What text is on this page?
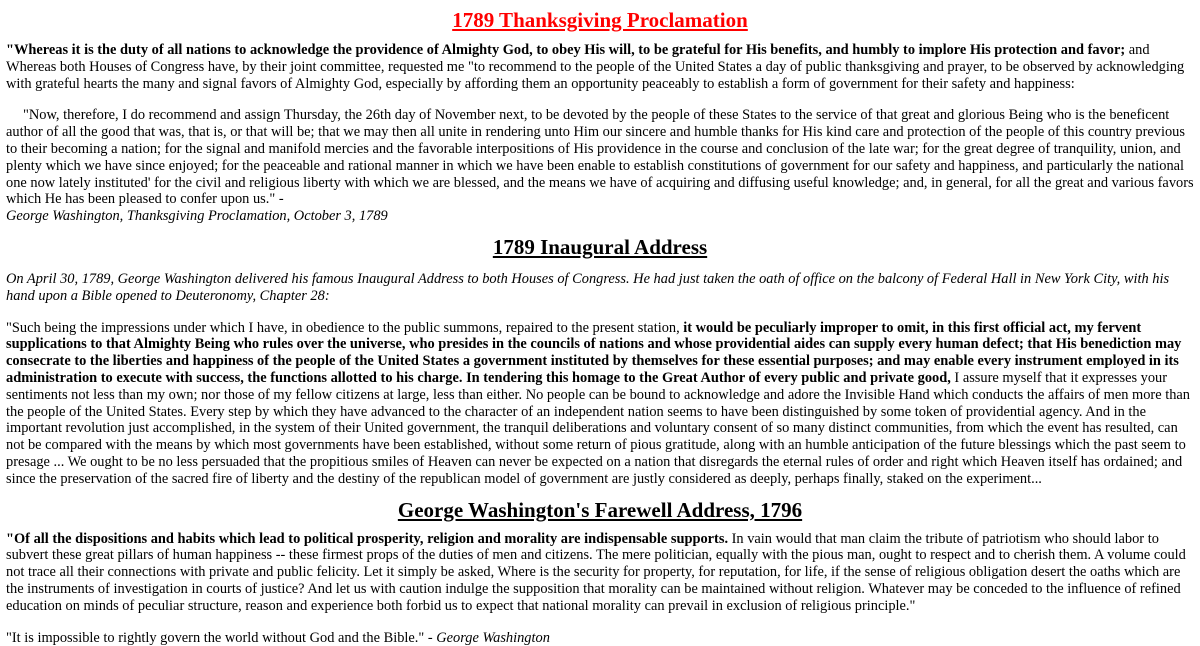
1789 Thanksgiving Proclamation

"Whereas it is the duty of all nations to acknowledge the providence of Almighty God, to obey His will, to be grateful for His benefits, and humbly to implore His protection and favor; and Whereas both Houses of Congress have, by their joint committee, requested me "to recommend to the people of the United States a day of public thanksgiving and prayer, to be observed by acknowledging with grateful hearts the many and signal favors of Almighty God, especially by affording them an opportunity peaceably to establish a form of government for their safety and happiness:

"Now, therefore, I do recommend and assign Thursday, the 26th day of November next, to be devoted by the people of these States to the service of that great and glorious Being who is the beneficent author of all the good that was, that is, or that will be; that we may then all unite in rendering unto Him our sincere and humble thanks for His kind care and protection of the people of this country previous to their becoming a nation; for the signal and manifold mercies and the favorable interpositions of His providence in the course and conclusion of the late war; for the great degree of tranquility, union, and plenty which we have since enjoyed; for the peaceable and rational manner in which we have been enable to establish constitutions of government for our safety and happiness, and particularly the national one now lately instituted' for the civil and religious liberty with which we are blessed, and the means we have of acquiring and diffusing useful knowledge; and, in general, for all the great and various favors which He has been pleased to confer upon us." -
George Washington, Thanksgiving Proclamation, October 3, 1789

1789 Inaugural Address

On April 30, 1789, George Washington delivered his famous Inaugural Address to both Houses of Congress. He had just taken the oath of office on the balcony of Federal Hall in New York City, with his hand upon a Bible opened to Deuteronomy, Chapter 28:

"Such being the impressions under which I have, in obedience to the public summons, repaired to the present station, it would be peculiarly improper to omit, in this first official act, my fervent supplications to that Almighty Being who rules over the universe, who presides in the councils of nations and whose providential aides can supply every human defect; that His benediction may consecrate to the liberties and happiness of the people of the United States a government instituted by themselves for these essential purposes; and may enable every instrument employed in its administration to execute with success, the functions allotted to his charge. In tendering this homage to the Great Author of every public and private good, I assure myself that it expresses your sentiments not less than my own; nor those of my fellow citizens at large, less than either. No people can be bound to acknowledge and adore the Invisible Hand which conducts the affairs of men more than the people of the United States. Every step by which they have advanced to the character of an independent nation seems to have been distinguished by some token of providential agency. And in the important revolution just accomplished, in the system of their United government, the tranquil deliberations and voluntary consent of so many distinct communities, from which the event has resulted, can not be compared with the means by which most governments have been established, without some return of pious gratitude, along with an humble anticipation of the future blessings which the past seem to presage ... We ought to be no less persuaded that the propitious smiles of Heaven can never be expected on a nation that disregards the eternal rules of order and right which Heaven itself has ordained; and since the preservation of the sacred fire of liberty and the destiny of the republican model of government are justly considered as deeply, perhaps finally, staked on the experiment...

George Washington's Farewell Address, 1796

"Of all the dispositions and habits which lead to political prosperity, religion and morality are indispensable supports. In vain would that man claim the tribute of patriotism who should labor to subvert these great pillars of human happiness -- these firmest props of the duties of men and citizens. The mere politician, equally with the pious man, ought to respect and to cherish them. A volume could not trace all their connections with private and public felicity. Let it simply be asked, Where is the security for property, for reputation, for life, if the sense of religious obligation desert the oaths which are the instruments of investigation in courts of justice? And let us with caution indulge the supposition that morality can be maintained without religion. Whatever may be conceded to the influence of refined education on minds of peculiar structure, reason and experience both forbid us to expect that national morality can prevail in exclusion of religious principle."

"It is impossible to rightly govern the world without God and the Bible." - George Washington
